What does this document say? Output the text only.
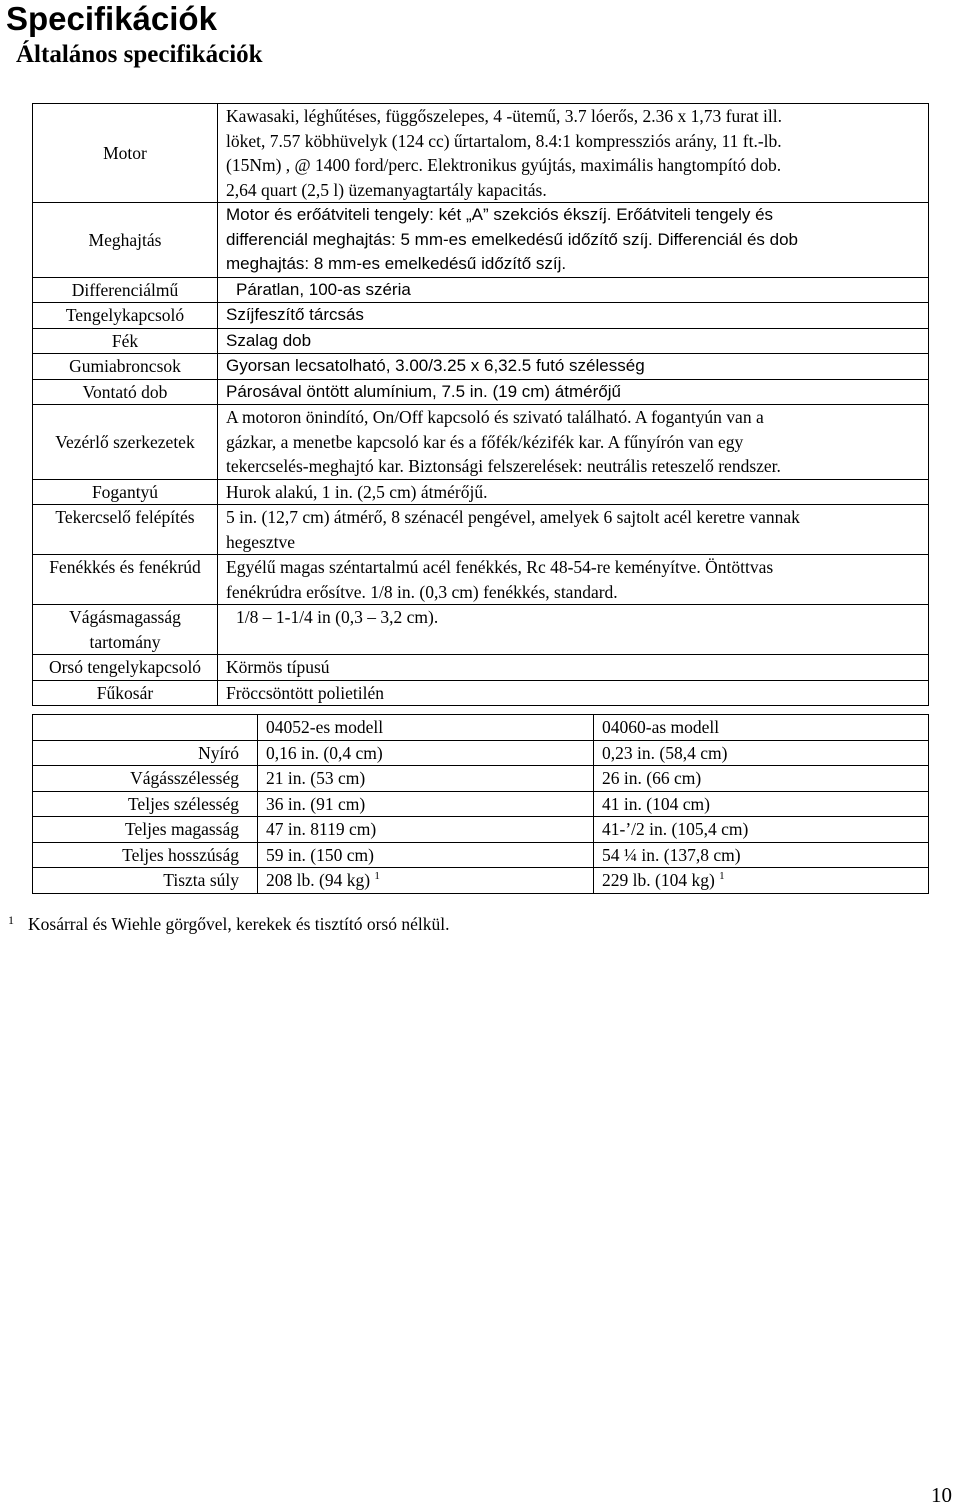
Specifikációk
Általános specifikációk
Motor	Kawasaki, léghűtéses, függőszelepes, 4 -ütemű, 3.7 lóerős, 2.36 x 1,73 furat ill.
löket, 7.57 köbhüvelyk (124 cc) űrtartalom, 8.4:1 kompressziós arány, 11 ft.-lb.
(15Nm) , @ 1400 ford/perc. Elektronikus gyújtás, maximális hangtompító dob.
2,64 quart (2,5 l) üzemanyagtartály kapacitás.

Meghajtás	Motor és erőátviteli tengely: két „A” szekciós ékszíj. Erőátviteli tengely és
differenciál meghajtás: 5 mm-es emelkedésű időzítő szíj. Differenciál és dob
meghajtás: 8 mm-es emelkedésű időzítő szíj.

Differenciálmű	Páratlan, 100-as széria

Tengelykapcsoló	Szíjfeszítő tárcsás

Fék	Szalag dob

Gumiabroncsok	Gyorsan lecsatolható, 3.00/3.25 x 6,32.5 futó szélesség

Vontató dob	Párosával öntött alumínium, 7.5 in. (19 cm) átmérőjű

Vezérlő szerkezetek	A motoron önindító, On/Off kapcsoló és szivató található. A fogantyún van a
gázkar, a menetbe kapcsoló kar és a főfék/kézifék kar. A fűnyírón van egy
tekercselés-meghajtó kar. Biztonsági felszerelések: neutrális reteszelő rendszer.

Fogantyú	Hurok alakú, 1 in. (2,5 cm) átmérőjű.

Tekercselő felépítés	5 in. (12,7 cm) átmérő, 8 szénacél pengével, amelyek 6 sajtolt acél keretre vannak
hegesztve

Fenékkés és fenékrúd	Egyélű magas széntartalmú acél fenékkés, Rc 48-54-re keményítve. Öntöttvas
fenékrúdra erősítve. 1/8 in. (0,3 cm) fenékkés, standard.

Vágásmagasság
tartomány	1/8 – 1-1/4 in (0,3 – 3,2 cm).

Orsó tengelykapcsoló	Körmös típusú

Fűkosár	Fröccsöntött polietilén
	04052-es modell	04060-as modell
Nyíró	0,16 in. (0,4 cm)	0,23 in. (58,4 cm)
Vágásszélesség	21 in. (53 cm)	26 in. (66 cm)
Teljes szélesség	36 in. (91 cm)	41 in. (104 cm)
Teljes magasság	47 in. 8119 cm)	41-’/2 in. (105,4 cm)
Teljes hosszúság	59 in. (150 cm)	54 ¼ in. (137,8 cm)
Tiszta súly	208 lb. (94 kg) $^1$	229 lb. (104 kg) $^1$
$^1$ Kosárral és Wiehle görgővel, kerekek és tisztító orsó nélkül.
10
